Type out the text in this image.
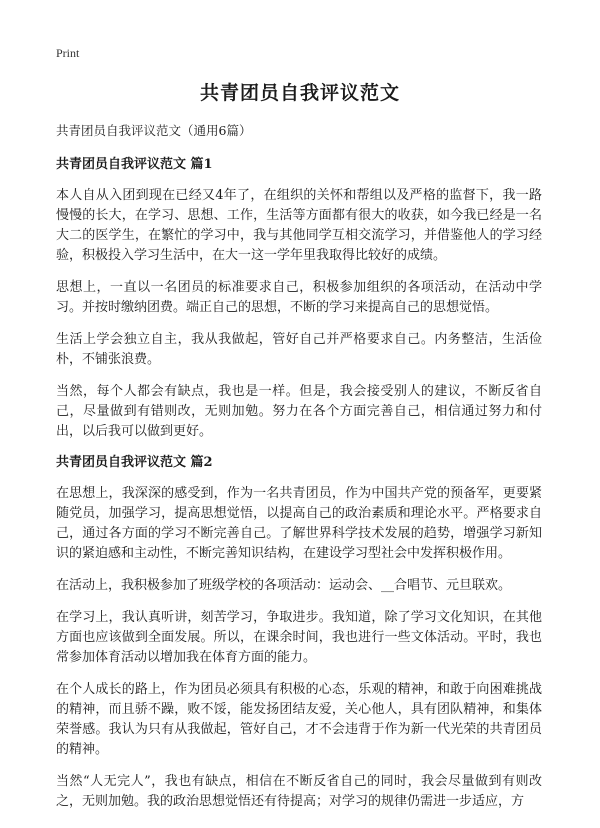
Print
共青团员自我评议范文
共青团员自我评议范文（通用6篇）
共青团员自我评议范文 篇1

本人自从入团到现在已经又4年了，在组织的关怀和帮组以及严格的监督下，我一路慢慢的长大，在学习、思想、工作，生活等方面都有很大的收获，如今我已经是一名大二的医学生，在繁忙的学习中，我与其他同学互相交流学习，并借鉴他人的学习经验，积极投入学习生活中，在大一这一学年里我取得比较好的成绩。

思想上，一直以一名团员的标准要求自己，积极参加组织的各项活动，在活动中学习。并按时缴纳团费。端正自己的思想，不断的学习来提高自己的思想觉悟。

生活上学会独立自主，我从我做起，管好自己并严格要求自己。内务整洁，生活俭朴，不铺张浪费。

当然，每个人都会有缺点，我也是一样。但是，我会接受别人的建议，不断反省自己，尽量做到有错则改，无则加勉。努力在各个方面完善自己，相信通过努力和付出，以后我可以做到更好。

共青团员自我评议范文 篇2

在思想上，我深深的感受到，作为一名共青团员，作为中国共产党的预备军，更要紧随党员，加强学习，提高思想觉悟，以提高自己的政治素质和理论水平。严格要求自己，通过各方面的学习不断完善自己。了解世界科学技术发展的趋势，增强学习新知识的紧迫感和主动性，不断完善知识结构，在建设学习型社会中发挥积极作用。

在活动上，我积极参加了班级学校的各项活动：运动会、__合唱节、元旦联欢。

在学习上，我认真听讲，刻苦学习，争取进步。我知道，除了学习文化知识，在其他方面也应该做到全面发展。所以，在课余时间，我也进行一些文体活动。平时，我也常参加体育活动以增加我在体育方面的能力。

在个人成长的路上，作为团员必须具有积极的心态，乐观的精神，和敢于向困难挑战的精神，而且骄不躁，败不馁，能发扬团结友爱，关心他人，具有团队精神，和集体荣誉感。我认为只有从我做起，管好自己，才不会违背于作为新一代光荣的共青团员的精神。

当然“人无完人”，我也有缺点，相信在不断反省自己的同时，我会尽量做到有则改之，无则加勉。我的政治思想觉悟还有待提高；对学习的规律仍需进一步适应，方
